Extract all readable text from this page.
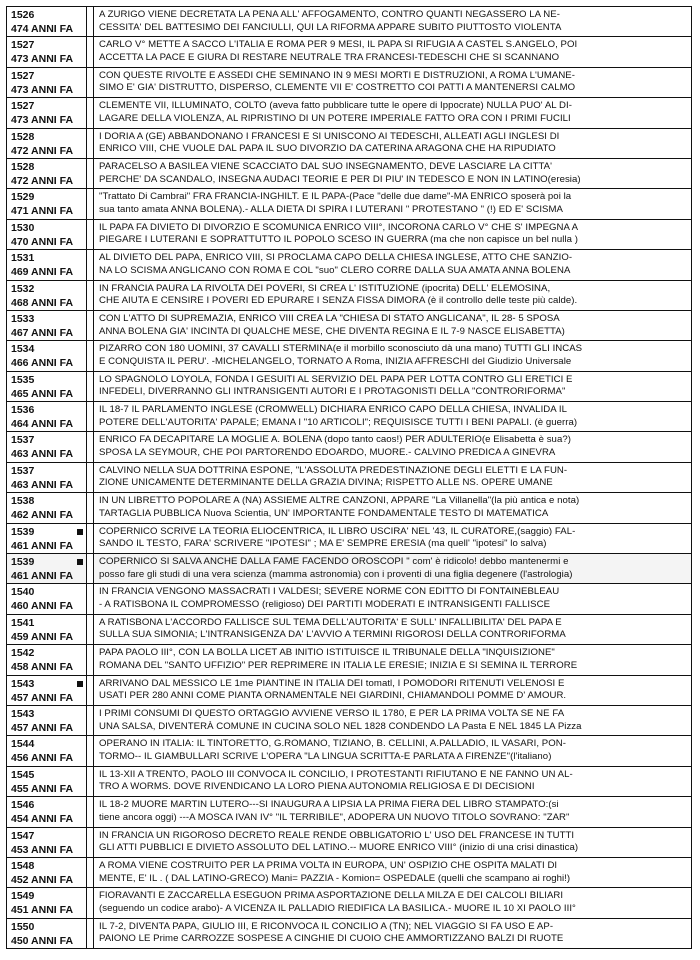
1526
474 ANNI FA
A ZURIGO VIENE DECRETATA LA PENA ALL' AFFOGAMENTO, CONTRO QUANTI NEGASSERO LA NE-
CESSITA' DEL BATTESIMO DEI FANCIULLI, QUI LA RIFORMA APPARE SUBITO PIUTTOSTO VIOLENTA
1527
473 ANNI FA
CARLO V° METTE A SACCO L'ITALIA E ROMA PER 9 MESI, IL PAPA SI RIFUGIA A CASTEL S.ANGELO, POI
ACCETTA LA PACE E GIURA DI RESTARE NEUTRALE TRA FRANCESI-TEDESCHI CHE SI SCANNANO
1527
473 ANNI FA
CON QUESTE RIVOLTE E ASSEDI CHE SEMINANO IN 9 MESI MORTI E DISTRUZIONI, A ROMA L'UMANE-
SIMO E' GIA' DISTRUTTO, DISPERSO, CLEMENTE VII E' COSTRETTO COI PATTI A MANTENERSI CALMO
1527
473 ANNI FA
CLEMENTE VII, ILLUMINATO, COLTO (aveva fatto pubblicare tutte le opere di Ippocrate) NULLA PUO' AL DI-
LAGARE DELLA VIOLENZA, AL RIPRISTINO DI UN POTERE IMPERIALE FATTO ORA CON I PRIMI FUCILI
1528
472 ANNI FA
I DORIA A (GE) ABBANDONANO I FRANCESI E SI UNISCONO AI TEDESCHI, ALLEATI AGLI INGLESI DI
ENRICO VIII, CHE VUOLE DAL PAPA IL SUO DIVORZIO DA CATERINA ARAGONA CHE HA RIPUDIATO
1528
472 ANNI FA
PARACELSO A BASILEA VIENE SCACCIATO DAL SUO INSEGNAMENTO, DEVE LASCIARE LA CITTA'
PERCHE' DA SCANDALO, INSEGNA AUDACI TEORIE E PER DI PIU' IN TEDESCO E NON IN LATINO(eresia)
1529
471 ANNI FA
"Trattato Di Cambrai" FRA FRANCIA-INGHILT. E IL PAPA-(Pace "delle due dame"-MA ENRICO sposerà poi la
sua tanto amata ANNA BOLENA).- ALLA DIETA DI SPIRA I LUTERANI " PROTESTANO " (!) ED E' SCISMA
1530
470 ANNI FA
IL PAPA FA DIVIETO DI DIVORZIO E SCOMUNICA ENRICO VIII°, INCORONA CARLO V° CHE S' IMPEGNA A
PIEGARE I LUTERANI E SOPRATTUTTO IL POPOLO SCESO IN GUERRA (ma che non capisce un bel nulla )
1531
469 ANNI FA
AL DIVIETO DEL PAPA, ENRICO VIII, SI PROCLAMA CAPO DELLA CHIESA INGLESE, ATTO CHE SANZIO-
NA LO SCISMA ANGLICANO CON ROMA E COL "suo" CLERO CORRE DALLA SUA AMATA ANNA BOLENA
1532
468 ANNI FA
IN FRANCIA PAURA LA RIVOLTA DEI POVERI, SI CREA L' ISTITUZIONE (ipocrita) DELL' ELEMOSINA,
CHE AIUTA E CENSIRE I POVERI ED EPURARE I SENZA FISSA DIMORA (è il controllo delle teste più calde).
1533
467 ANNI FA
CON L'ATTO DI SUPREMAZIA, ENRICO VIII CREA LA "CHIESA DI STATO ANGLICANA", IL 28- 5 SPOSA
ANNA BOLENA GIA' INCINTA DI QUALCHE MESE, CHE DIVENTA REGINA E IL 7-9 NASCE ELISABETTA)
1534
466 ANNI FA
PIZARRO CON 180 UOMINI, 37 CAVALLI STERMINA(e il morbillo sconosciuto dà una mano) TUTTI GLI INCAS
E CONQUISTA IL PERU'. -MICHELANGELO, TORNATO A Roma, INIZIA AFFRESCHI del Giudizio Universale
1535
465 ANNI FA
LO SPAGNOLO LOYOLA, FONDA I GESUITI AL SERVIZIO DEL PAPA PER LOTTA CONTRO GLI ERETICI E
INFEDELI, DIVERRANNO GLI INTRANSIGENTI AUTORI E I PROTAGONISTI DELLA "CONTRORIFORMA"
1536
464 ANNI FA
IL 18-7 IL PARLAMENTO INGLESE (CROMWELL) DICHIARA ENRICO CAPO DELLA CHIESA, INVALIDA IL
POTERE DELL'AUTORITA' PAPALE; EMANA I "10 ARTICOLI"; REQUISISCE TUTTI I BENI PAPALI. (è guerra)
1537
463 ANNI FA
ENRICO FA DECAPITARE LA MOGLIE A. BOLENA (dopo tanto caos!) PER ADULTERIO(e Elisabetta è sua?)
SPOSA LA SEYMOUR, CHE POI PARTORENDO EDOARDO, MUORE.- CALVINO PREDICA A GINEVRA
1537
463 ANNI FA
CALVINO NELLA SUA DOTTRINA ESPONE, "L'ASSOLUTA PREDESTINAZIONE DEGLI ELETTI E LA FUN-
ZIONE UNICAMENTE DETERMINANTE DELLA GRAZIA DIVINA; RISPETTO ALLE NS. OPERE UMANE
1538
462 ANNI FA
IN UN LIBRETTO POPOLARE A (NA) ASSIEME ALTRE CANZONI, APPARE "La Villanella"(la più antica e nota)
TARTAGLIA PUBBLICA Nuova Scientia, UN' IMPORTANTE FONDAMENTALE TESTO DI MATEMATICA
1539
461 ANNI FA
COPERNICO SCRIVE LA TEORIA ELIOCENTRICA, IL LIBRO USCIRA' NEL '43, IL CURATORE,(saggio) FAL-
SANDO IL TESTO, FARA' SCRIVERE "IPOTESI" ; MA E' SEMPRE ERESIA (ma quell' "ipotesi" lo salva)
1539
461 ANNI FA
COPERNICO SI SALVA ANCHE DALLA FAME FACENDO OROSCOPI " com' è ridicolo! debbo mantenermi e
posso fare gli studi di una vera scienza (mamma astronomia) con i proventi di una figlia degenere (l'astrologia)
1540
460 ANNI FA
IN FRANCIA VENGONO MASSACRATI I VALDESI; SEVERE NORME CON EDITTO DI FONTAINEBLEAU
- A RATISBONA IL COMPROMESSO (religioso) DEI PARTITI MODERATI E INTRANSIGENTI FALLISCE
1541
459 ANNI FA
A RATISBONA L'ACCORDO FALLISCE SUL TEMA DELL'AUTORITA' E SULL' INFALLIBILITA' DEL PAPA E
SULLA SUA SIMONIA; L'INTRANSIGENZA DA' L'AVVIO A TERMINI RIGOROSI DELLA CONTRORIFORMA
1542
458 ANNI FA
PAPA PAOLO III°, CON LA BOLLA LICET AB INITIO ISTITUISCE IL TRIBUNALE DELLA "INQUISIZIONE"
ROMANA DEL "SANTO UFFIZIO" PER REPRIMERE IN ITALIA LE ERESIE; INIZIA E SI SEMINA IL TERRORE
1543
457 ANNI FA
ARRIVANO DAL MESSICO LE 1me PIANTINE IN ITALIA DEI tomatl, I POMODORI RITENUTI VELENOSI E
USATI PER 280 ANNI COME PIANTA ORNAMENTALE NEI GIARDINI, CHIAMANDOLI POMME D' AMOUR.
1543
457 ANNI FA
I PRIMI CONSUMI DI QUESTO ORTAGGIO AVVIENE VERSO IL 1780, E PER LA PRIMA VOLTA SE NE FA
UNA SALSA, DIVENTERÀ COMUNE IN CUCINA SOLO NEL 1828 CONDENDO LA Pasta E NEL 1845 LA Pizza
1544
456 ANNI FA
OPERANO IN ITALIA: IL TINTORETTO, G.ROMANO, TIZIANO, B. CELLINI, A.PALLADIO, IL VASARI, PON-
TORMO-- IL GIAMBULLARI SCRIVE L'OPERA "LA LINGUA SCRITTA-E PARLATA A FIRENZE"(l'italiano)
1545
455 ANNI FA
IL 13-XII A TRENTO, PAOLO III CONVOCA IL CONCILIO, I PROTESTANTI RIFIUTANO E NE FANNO UN AL-
TRO A WORMS. DOVE RIVENDICANO LA LORO PIENA AUTONOMIA RELIGIOSA E DI DECISIONI
1546
454 ANNI FA
IL 18-2 MUORE MARTIN LUTERO---SI INAUGURA A LIPSIA LA PRIMA FIERA DEL LIBRO STAMPATO:(si
tiene ancora oggi) ---A MOSCA IVAN IV° "IL TERRIBILE", ADOPERA UN NUOVO TITOLO SOVRANO: "ZAR"
1547
453 ANNI FA
IN FRANCIA UN RIGOROSO DECRETO REALE RENDE OBBLIGATORIO L' USO DEL FRANCESE IN TUTTI
GLI ATTI PUBBLICI E DIVIETO ASSOLUTO DEL LATINO.-- MUORE ENRICO VIII° (inizio di una crisi dinastica)
1548
452 ANNI FA
A ROMA VIENE COSTRUITO PER LA PRIMA VOLTA IN EUROPA, UN' OSPIZIO CHE OSPITA MALATI DI
MENTE, E' IL . ( DAL LATINO-GRECO) Mani= PAZZIA - Komion= OSPEDALE (quelli che scampano ai roghi!)
1549
451 ANNI FA
FIORAVANTI E ZACCARELLA ESEGUON PRIMA ASPORTAZIONE DELLA MILZA E DEI CALCOLI BILIARI
(seguendo un codice arabo)- A VICENZA IL PALLADIO RIEDIFICA LA BASILICA.- MUORE IL 10 XI PAOLO III°
1550
450 ANNI FA
IL 7-2, DIVENTA PAPA, GIULIO III, E RICONVOCA IL CONCILIO A (TN); NEL VIAGGIO SI FA USO E AP-
PAIONO LE Prime CARROZZE SOSPESE A CINGHIE DI CUOIO CHE AMMORTIZZANO BALZI DI RUOTE
